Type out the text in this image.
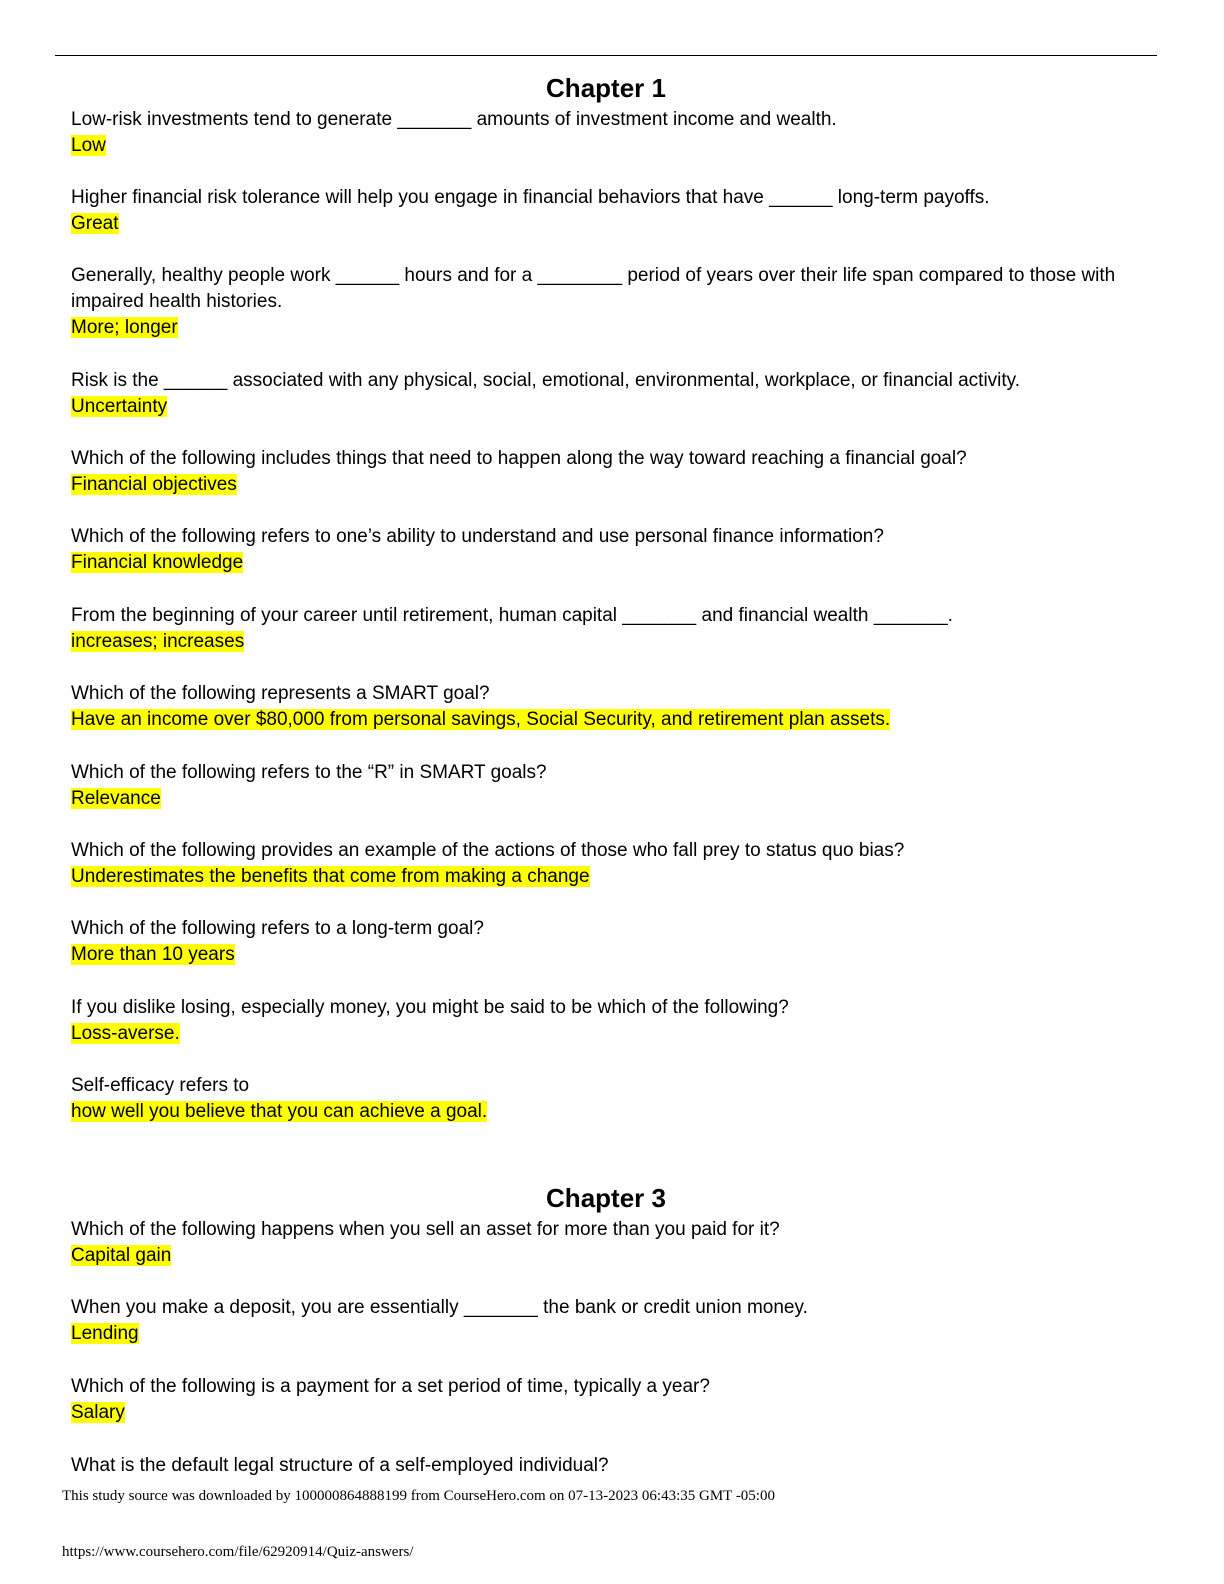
Chapter 1
Low-risk investments tend to generate _______ amounts of investment income and wealth.
Low
Higher financial risk tolerance will help you engage in financial behaviors that have ______ long-term payoffs.
Great
Generally, healthy people work ______ hours and for a ________ period of years over their life span compared to those with impaired health histories.
More; longer
Risk is the ______ associated with any physical, social, emotional, environmental, workplace, or financial activity.
Uncertainty
Which of the following includes things that need to happen along the way toward reaching a financial goal?
Financial objectives
Which of the following refers to one’s ability to understand and use personal finance information?
Financial knowledge
From the beginning of your career until retirement, human capital _______ and financial wealth _______.
increases; increases
Which of the following represents a SMART goal?
Have an income over $80,000 from personal savings, Social Security, and retirement plan assets.
Which of the following refers to the “R” in SMART goals?
Relevance
Which of the following provides an example of the actions of those who fall prey to status quo bias?
Underestimates the benefits that come from making a change
Which of the following refers to a long-term goal?
More than 10 years
If you dislike losing, especially money, you might be said to be which of the following?
Loss-averse.
Self-efficacy refers to
how well you believe that you can achieve a goal.
Chapter 3
Which of the following happens when you sell an asset for more than you paid for it?
Capital gain
When you make a deposit, you are essentially _______ the bank or credit union money.
Lending
Which of the following is a payment for a set period of time, typically a year?
Salary
What is the default legal structure of a self-employed individual?
This study source was downloaded by 100000864888199 from CourseHero.com on 07-13-2023 06:43:35 GMT -05:00
https://www.coursehero.com/file/62920914/Quiz-answers/
